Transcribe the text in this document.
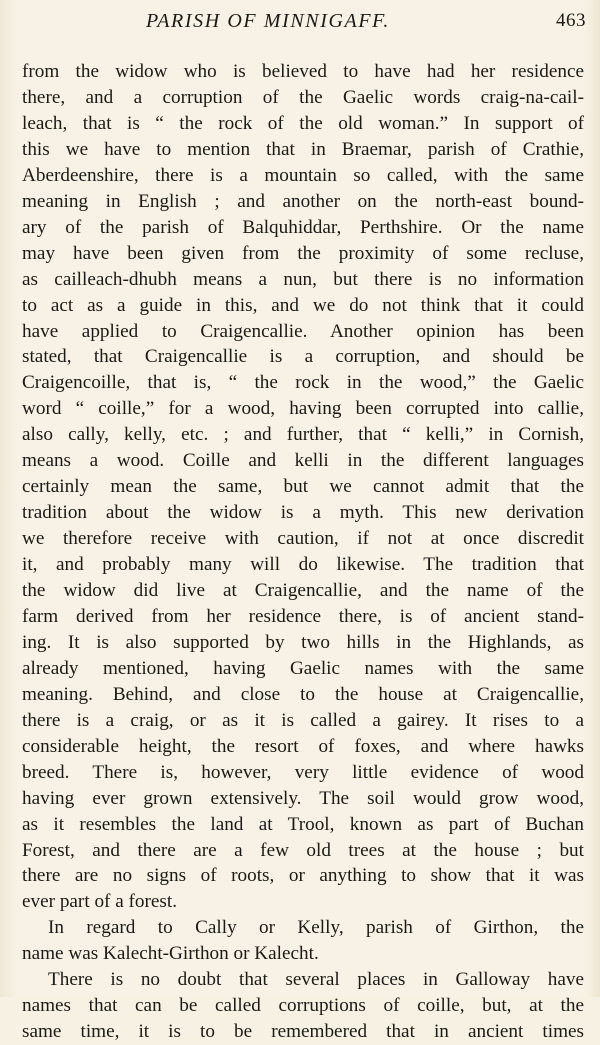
PARISH OF MINNIGAFF.	463
from the widow who is believed to have had her residence
there, and a corruption of the Gaelic words craig-na-cail-
leach, that is “ the rock of the old woman.” In support of
this we have to mention that in Braemar, parish of Crathie,
Aberdeenshire, there is a mountain so called, with the same
meaning in English ; and another on the north-east bound-
ary of the parish of Balquhiddar, Perthshire. Or the name
may have been given from the proximity of some recluse,
as cailleach-dhubh means a nun, but there is no information
to act as a guide in this, and we do not think that it could
have applied to Craigencallie. Another opinion has been
stated, that Craigencallie is a corruption, and should be
Craigencoille, that is, “ the rock in the wood,” the Gaelic
word “ coille,” for a wood, having been corrupted into callie,
also cally, kelly, etc. ; and further, that “ kelli,” in Cornish,
means a wood. Coille and kelli in the different languages
certainly mean the same, but we cannot admit that the
tradition about the widow is a myth. This new derivation
we therefore receive with caution, if not at once discredit
it, and probably many will do likewise. The tradition that
the widow did live at Craigencallie, and the name of the
farm derived from her residence there, is of ancient stand-
ing. It is also supported by two hills in the Highlands, as
already mentioned, having Gaelic names with the same
meaning. Behind, and close to the house at Craigencallie,
there is a craig, or as it is called a gairey. It rises to a
considerable height, the resort of foxes, and where hawks
breed. There is, however, very little evidence of wood
having ever grown extensively. The soil would grow wood,
as it resembles the land at Trool, known as part of Buchan
Forest, and there are a few old trees at the house ; but
there are no signs of roots, or anything to show that it was
ever part of a forest.
In regard to Cally or Kelly, parish of Girthon, the
name was Kalecht-Girthon or Kalecht.
There is no doubt that several places in Galloway have
names that can be called corruptions of coille, but, at the
same time, it is to be remembered that in ancient times
